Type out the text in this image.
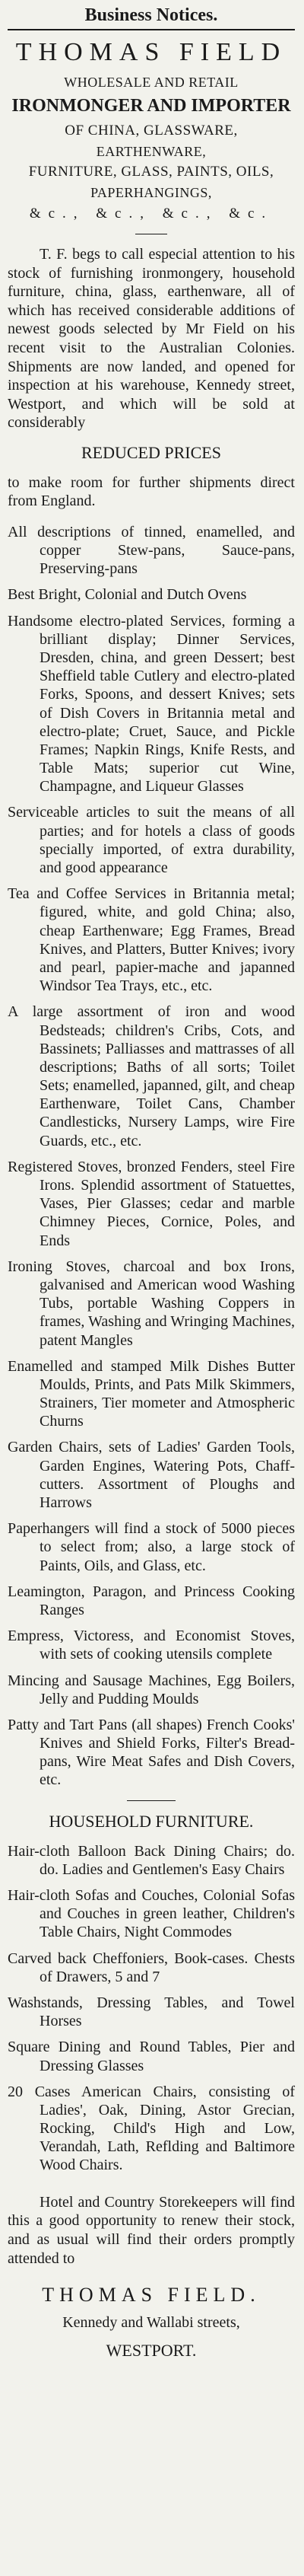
Business Notices.

THOMAS FIELD

WHOLESALE AND RETAIL

IRONMONGER AND IMPORTER

OF CHINA, GLASSWARE,

EARTHENWARE,

FURNITURE, GLASS, PAINTS, OILS,

PAPERHANGINGS,

&c., &c., &c., &c.

T. F. begs to call especial attention to his stock of furnishing ironmongery, household furniture, china, glass, earthenware, all of which has received considerable additions of newest goods selected by Mr Field on his recent visit to the Australian Colonies. Shipments are now landed, and opened for inspection at his warehouse, Kennedy street, Westport, and which will be sold at considerably

REDUCED PRICES

to make room for further shipments direct from England.

All descriptions of tinned, enamelled, and copper Stew-pans, Sauce-pans, Preserving-pans

Best Bright, Colonial and Dutch Ovens

Handsome electro-plated Services, forming a brilliant display; Dinner Services, Dresden, china, and green Dessert; best Sheffield table Cutlery and electro-plated Forks, Spoons, and dessert Knives; sets of Dish Covers in Britannia metal and electro-plate; Cruet, Sauce, and Pickle Frames; Napkin Rings, Knife Rests, and Table Mats; superior cut Wine, Champagne, and Liqueur Glasses

Serviceable articles to suit the means of all parties; and for hotels a class of goods specially imported, of extra durability, and good appearance

Tea and Coffee Services in Britannia metal; figured, white, and gold China; also, cheap Earthenware; Egg Frames, Bread Knives, and Platters, Butter Knives; ivory and pearl, papier-mache and japanned Windsor Tea Trays, etc., etc.

A large assortment of iron and wood Bedsteads; children's Cribs, Cots, and Bassinets; Palliasses and mattrasses of all descriptions; Baths of all sorts; Toilet Sets; enamelled, japanned, gilt, and cheap Earthenware, Toilet Cans, Chamber Candlesticks, Nursery Lamps, wire Fire Guards, etc., etc.

Registered Stoves, bronzed Fenders, steel Fire Irons. Splendid assortment of Statuettes, Vases, Pier Glasses; cedar and marble Chimney Pieces, Cornice, Poles, and Ends

Ironing Stoves, charcoal and box Irons, galvanised and American wood Washing Tubs, portable Washing Coppers in frames, Washing and Wringing Machines, patent Mangles

Enamelled and stamped Milk Dishes Butter Moulds, Prints, and Pats Milk Skimmers, Strainers, Tier mometer and Atmospheric Churns

Garden Chairs, sets of Ladies' Garden Tools, Garden Engines, Watering Pots, Chaff-cutters. Assortment of Ploughs and Harrows

Paperhangers will find a stock of 5000 pieces to select from; also, a large stock of Paints, Oils, and Glass, etc.

Leamington, Paragon, and Princess Cooking Ranges

Empress, Victoress, and Economist Stoves, with sets of cooking utensils complete

Mincing and Sausage Machines, Egg Boilers, Jelly and Pudding Moulds

Patty and Tart Pans (all shapes) French Cooks' Knives and Shield Forks, Filter's Bread-pans, Wire Meat Safes and Dish Covers, etc.

HOUSEHOLD FURNITURE.

Hair-cloth Balloon Back Dining Chairs; do. do. Ladies and Gentlemen's Easy Chairs

Hair-cloth Sofas and Couches, Colonial Sofas and Couches in green leather, Children's Table Chairs, Night Commodes

Carved back Cheffoniers, Book-cases. Chests of Drawers, 5 and 7

Washstands, Dressing Tables, and Towel Horses

Square Dining and Round Tables, Pier and Dressing Glasses

20 Cases American Chairs, consisting of Ladies', Oak, Dining, Astor Grecian, Rocking, Child's High and Low, Verandah, Lath, Reflding and Baltimore Wood Chairs.

Hotel and Country Storekeepers will find this a good opportunity to renew their stock, and as usual will find their orders promptly attended to

THOMAS FIELD.

Kennedy and Wallabi streets,

WESTPORT.
